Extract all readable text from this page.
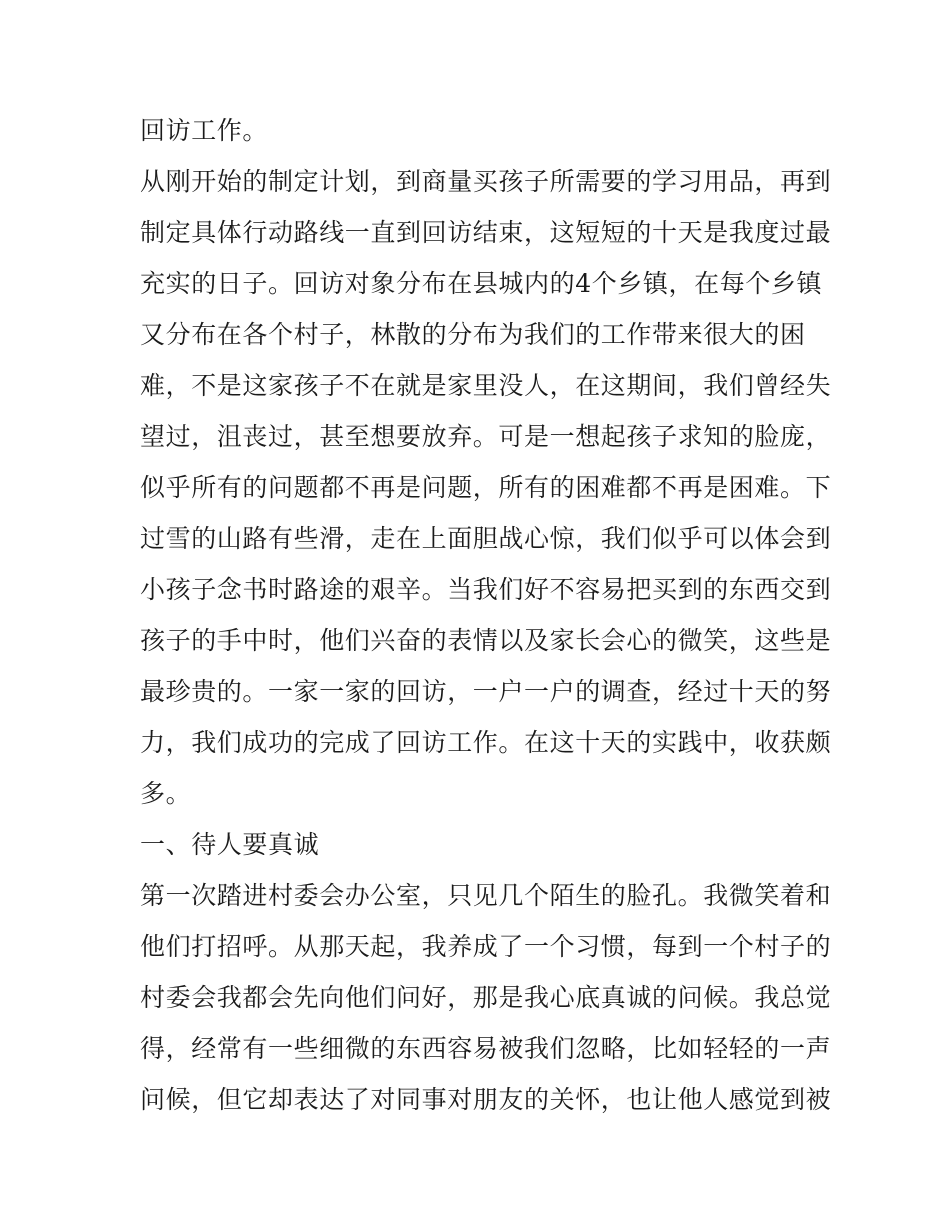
回访工作。
从刚开始的制定计划，到商量买孩子所需要的学习用品，再到
制定具体行动路线一直到回访结束，这短短的十天是我度过最
充实的日子。回访对象分布在县城内的4个乡镇，在每个乡镇
又分布在各个村子，林散的分布为我们的工作带来很大的困
难，不是这家孩子不在就是家里没人，在这期间，我们曾经失
望过，沮丧过，甚至想要放弃。可是一想起孩子求知的脸庞，
似乎所有的问题都不再是问题，所有的困难都不再是困难。下
过雪的山路有些滑，走在上面胆战心惊，我们似乎可以体会到
小孩子念书时路途的艰辛。当我们好不容易把买到的东西交到
孩子的手中时，他们兴奋的表情以及家长会心的微笑，这些是
最珍贵的。一家一家的回访，一户一户的调查，经过十天的努
力，我们成功的完成了回访工作。在这十天的实践中，收获颇
多。
一、待人要真诚
第一次踏进村委会办公室，只见几个陌生的脸孔。我微笑着和
他们打招呼。从那天起，我养成了一个习惯，每到一个村子的
村委会我都会先向他们问好，那是我心底真诚的问候。我总觉
得，经常有一些细微的东西容易被我们忽略，比如轻轻的一声
问候，但它却表达了对同事对朋友的关怀，也让他人感觉到被
